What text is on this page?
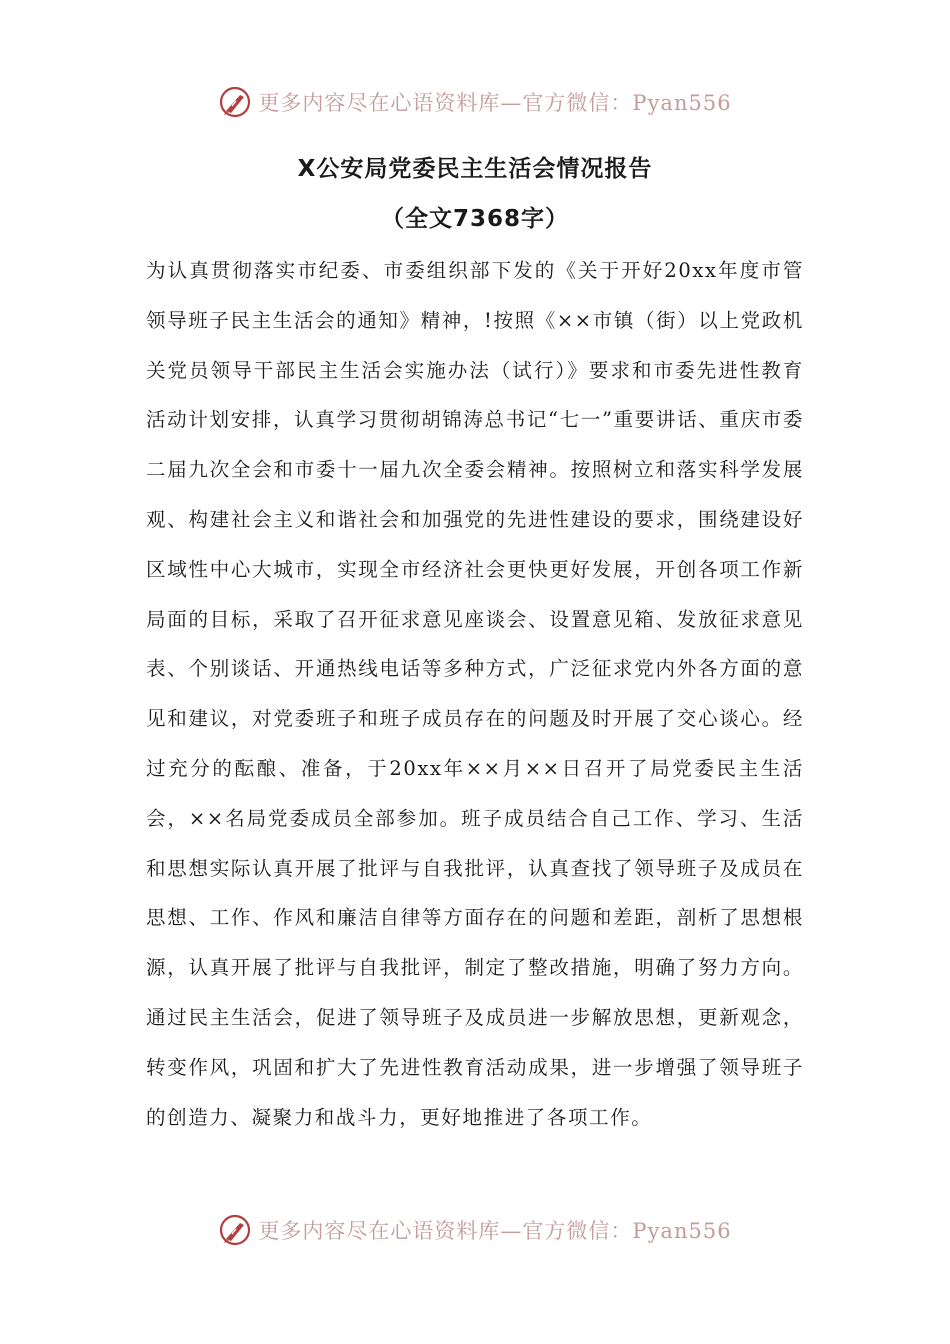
更多内容尽在心语资料库—官方微信：Pyan556
X公安局党委民主生活会情况报告
（全文7368字）

为认真贯彻落实市纪委、市委组织部下发的《关于开好20xx年度市管领导班子民主生活会的通知》精神，!按照《××市镇（街）以上党政机关党员领导干部民主生活会实施办法（试行）》要求和市委先进性教育活动计划安排，认真学习贯彻胡锦涛总书记“七一”重要讲话、重庆市委二届九次全会和市委十一届九次全委会精神。按照树立和落实科学发展观、构建社会主义和谐社会和加强党的先进性建设的要求，围绕建设好区域性中心大城市，实现全市经济社会更快更好发展，开创各项工作新局面的目标，采取了召开征求意见座谈会、设置意见箱、发放征求意见表、个别谈话、开通热线电话等多种方式，广泛征求党内外各方面的意见和建议，对党委班子和班子成员存在的问题及时开展了交心谈心。经过充分的酝酿、准备，于20xx年××月××日召开了局党委民主生活会，××名局党委成员全部参加。班子成员结合自己工作、学习、生活和思想实际认真开展了批评与自我批评，认真查找了领导班子及成员在思想、工作、作风和廉洁自律等方面存在的问题和差距，剖析了思想根源，认真开展了批评与自我批评，制定了整改措施，明确了努力方向。通过民主生活会，促进了领导班子及成员进一步解放思想，更新观念，转变作风，巩固和扩大了先进性教育活动成果，进一步增强了领导班子的创造力、凝聚力和战斗力，更好地推进了各项工作。

更多内容尽在心语资料库—官方微信：Pyan556
